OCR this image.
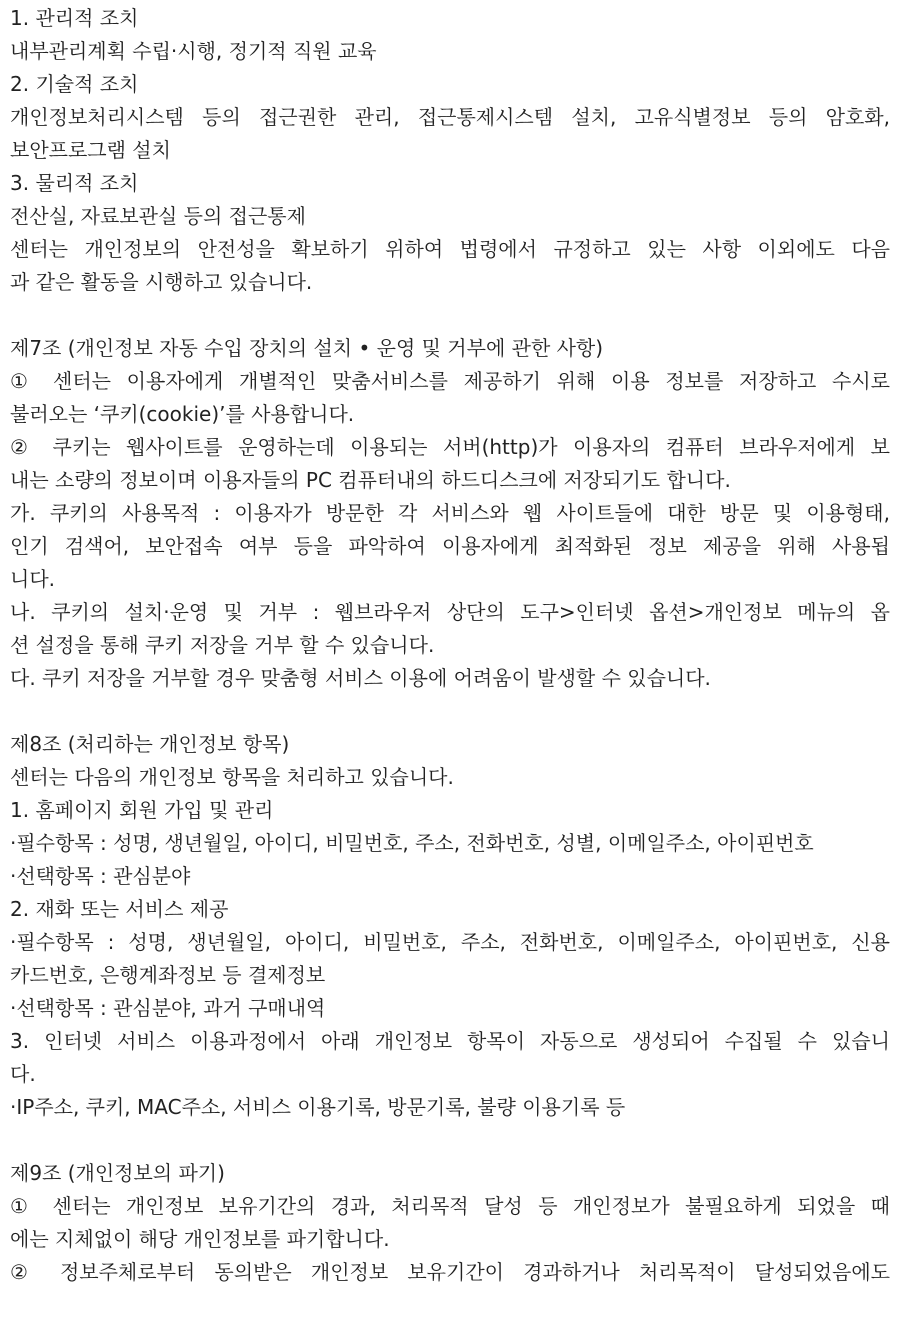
1. 관리적 조치
내부관리계획 수립·시행, 정기적 직원 교육
2. 기술적 조치
개인정보처리시스템 등의 접근권한 관리, 접근통제시스템 설치, 고유식별정보 등의 암호화,
보안프로그램 설치
3. 물리적 조치
전산실, 자료보관실 등의 접근통제
센터는 개인정보의 안전성을 확보하기 위하여 법령에서 규정하고 있는 사항 이외에도 다음
과 같은 활동을 시행하고 있습니다.
제7조 (개인정보 자동 수입 장치의 설치 • 운영 및 거부에 관한 사항)
① 센터는 이용자에게 개별적인 맞춤서비스를 제공하기 위해 이용 정보를 저장하고 수시로
불러오는 ‘쿠키(cookie)’를 사용합니다.
② 쿠키는 웹사이트를 운영하는데 이용되는 서버(http)가 이용자의 컴퓨터 브라우저에게 보
내는 소량의 정보이며 이용자들의 PC 컴퓨터내의 하드디스크에 저장되기도 합니다.
가. 쿠키의 사용목적 : 이용자가 방문한 각 서비스와 웹 사이트들에 대한 방문 및 이용형태,
인기 검색어, 보안접속 여부 등을 파악하여 이용자에게 최적화된 정보 제공을 위해 사용됩
니다.
나. 쿠키의 설치·운영 및 거부 : 웹브라우저 상단의 도구>인터넷 옵션>개인정보 메뉴의 옵
션 설정을 통해 쿠키 저장을 거부 할 수 있습니다.
다. 쿠키 저장을 거부할 경우 맞춤형 서비스 이용에 어려움이 발생할 수 있습니다.
제8조 (처리하는 개인정보 항목)
센터는 다음의 개인정보 항목을 처리하고 있습니다.
1. 홈페이지 회원 가입 및 관리
·필수항목 : 성명, 생년월일, 아이디, 비밀번호, 주소, 전화번호, 성별, 이메일주소, 아이핀번호
·선택항목 : 관심분야
2. 재화 또는 서비스 제공
·필수항목 : 성명, 생년월일, 아이디, 비밀번호, 주소, 전화번호, 이메일주소, 아이핀번호, 신용
카드번호, 은행계좌정보 등 결제정보
·선택항목 : 관심분야, 과거 구매내역
3. 인터넷 서비스 이용과정에서 아래 개인정보 항목이 자동으로 생성되어 수집될 수 있습니
다.
·IP주소, 쿠키, MAC주소, 서비스 이용기록, 방문기록, 불량 이용기록 등
제9조 (개인정보의 파기)
① 센터는 개인정보 보유기간의 경과, 처리목적 달성 등 개인정보가 불필요하게 되었을 때
에는 지체없이 해당 개인정보를 파기합니다.
② 정보주체로부터 동의받은 개인정보 보유기간이 경과하거나 처리목적이 달성되었음에도
